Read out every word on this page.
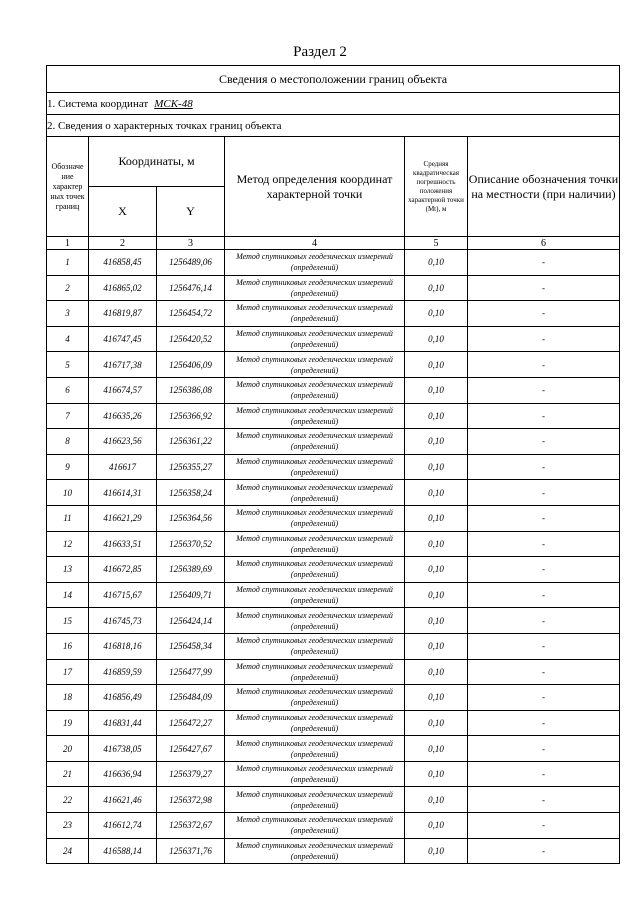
Раздел 2
Сведения о местоположении границ объекта					
1. Система координат МСК-48					
2. Сведения о характерных точках границ объекта					
Обозначе ние характер ных точек границ	Координаты, м		Метод определения координат характерной точки	Средняя квадратическая погрешность положения характерной точки (Mt), м	Описание обозначения точки на местности (при наличии)
	X	Y			
1	2	3	4	5	6
1	416858,45	1256489,06	Метод спутниковых геодезических измерений (определений)	0,10	-
2	416865,02	1256476,14	Метод спутниковых геодезических измерений (определений)	0,10	-
3	416819,87	1256454,72	Метод спутниковых геодезических измерений (определений)	0,10	-
4	416747,45	1256420,52	Метод спутниковых геодезических измерений (определений)	0,10	-
5	416717,38	1256406,09	Метод спутниковых геодезических измерений (определений)	0,10	-
6	416674,57	1256386,08	Метод спутниковых геодезических измерений (определений)	0,10	-
7	416635,26	1256366,92	Метод спутниковых геодезических измерений (определений)	0,10	-
8	416623,56	1256361,22	Метод спутниковых геодезических измерений (определений)	0,10	-
9	416617	1256355,27	Метод спутниковых геодезических измерений (определений)	0,10	-
10	416614,31	1256358,24	Метод спутниковых геодезических измерений (определений)	0,10	-
11	416621,29	1256364,56	Метод спутниковых геодезических измерений (определений)	0,10	-
12	416633,51	1256370,52	Метод спутниковых геодезических измерений (определений)	0,10	-
13	416672,85	1256389,69	Метод спутниковых геодезических измерений (определений)	0,10	-
14	416715,67	1256409,71	Метод спутниковых геодезических измерений (определений)	0,10	-
15	416745,73	1256424,14	Метод спутниковых геодезических измерений (определений)	0,10	-
16	416818,16	1256458,34	Метод спутниковых геодезических измерений (определений)	0,10	-
17	416859,59	1256477,99	Метод спутниковых геодезических измерений (определений)	0,10	-
18	416856,49	1256484,09	Метод спутниковых геодезических измерений (определений)	0,10	-
19	416831,44	1256472,27	Метод спутниковых геодезических измерений (определений)	0,10	-
20	416738,05	1256427,67	Метод спутниковых геодезических измерений (определений)	0,10	-
21	416636,94	1256379,27	Метод спутниковых геодезических измерений (определений)	0,10	-
22	416621,46	1256372,98	Метод спутниковых геодезических измерений (определений)	0,10	-
23	416612,74	1256372,67	Метод спутниковых геодезических измерений (определений)	0,10	-
24	416588,14	1256371,76	Метод спутниковых геодезических измерений (определений)	0,10	-
